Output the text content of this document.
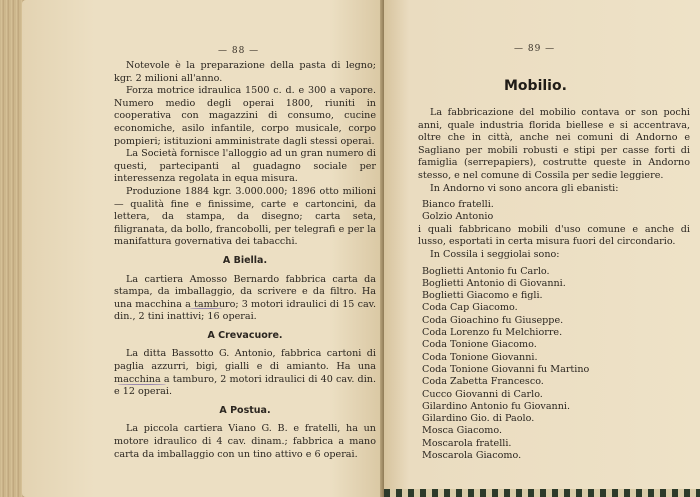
— 88 —

Notevole è la preparazione della pasta di legno; kgr. 2 milioni all'anno.

Forza motrice idraulica 1500 c. d. e 300 a vapore. Numero medio degli operai 1800, riuniti in cooperativa con magazzini di consumo, cucine economiche, asilo infantile, corpo musicale, corpo pompieri; istituzioni amministrate dagli stessi operai.

La Società fornisce l'alloggio ad un gran numero di questi, partecipanti al guadagno sociale per interessenza regolata in equa misura.

Produzione 1884 kgr. 3.000.000; 1896 otto milioni — qualità fine e finissime, carte e cartoncini, da lettera, da stampa, da disegno; carta seta, filigranata, da bollo, francobolli, per telegrafi e per la manifattura governativa dei tabacchi.

A Biella.

La cartiera Amosso Bernardo fabbrica carta da stampa, da imballaggio, da scrivere e da filtro. Ha una macchina a tamburo; 3 motori idraulici di 15 cav. din., 2 tini inattivi; 16 operai.

A Crevacuore.

La ditta Bassotto G. Antonio, fabbrica cartoni di paglia azzurri, bigi, gialli e di amianto. Ha una macchina a tamburo, 2 motori idraulici di 40 cav. din. e 12 operai.

A Postua.

La piccola cartiera Viano G. B. e fratelli, ha un motore idraulico di 4 cav. dinam.; fabbrica a mano carta da imballaggio con un tino attivo e 6 operai.

— 89 —
Mobilio.

La fabbricazione del mobilio contava or son pochi anni, quale industria florida biellese e si accentrava, oltre che in città, anche nei comuni di Andorno e Sagliano per mobili robusti e stipi per casse forti di famiglia (serrepapiers), costrutte queste in Andorno stesso, e nel comune di Cossila per sedie leggiere.

In Andorno vi sono ancora gli ebanisti:

Bianco fratelli.
Golzio Antonio

i quali fabbricano mobili d'uso comune e anche di lusso, esportati in certa misura fuori del circondario.

In Cossila i seggiolai sono:

Boglietti Antonio fu Carlo.
Boglietti Antonio di Giovanni.
Boglietti Giacomo e figli.
Coda Cap Giacomo.
Coda Gioachino fu Giuseppe.
Coda Lorenzo fu Melchiorre.
Coda Tonione Giacomo.
Coda Tonione Giovanni.
Coda Tonione Giovanni fu Martino
Coda Zabetta Francesco.
Cucco Giovanni di Carlo.
Gilardino Antonio fu Giovanni.
Gilardino Gio. di Paolo.
Mosca Giacomo.
Moscarola fratelli.
Moscarola Giacomo.
